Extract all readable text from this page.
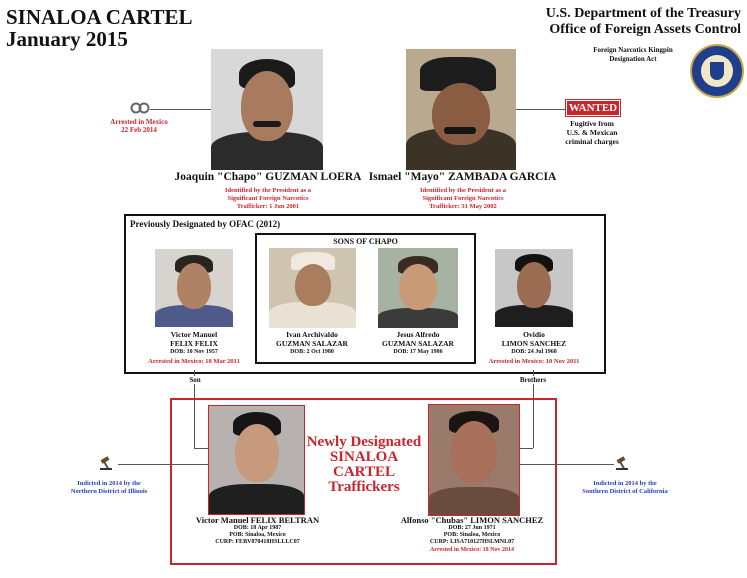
SINALOA CARTEL
January 2015
U.S. Department of the Treasury
Office of Foreign Assets Control
Foreign Narcotics Kingpin
Designation Act
Joaquin "Chapo" GUZMAN LOERA
Identified by the President as a
Significant Foreign Narcotics
Trafficker: 1 Jun 2001
Ismael "Mayo" ZAMBADA GARCIA
Identified by the President as a
Significant Foreign Narcotics
Trafficker: 31 May 2002
Arrested in Mexico
22 Feb 2014
WANTED
Fugitive from
U.S. & Mexican
criminal charges
Previously Designated by OFAC (2012)
SONS OF CHAPO
Victor Manuel
FELIX FELIX
DOB: 10 Nov 1957
Arrested in Mexico: 18 Mar 2011
Ivan Archivaldo
GUZMAN SALAZAR
DOB: 2 Oct 1980
Jesus Alfredo
GUZMAN SALAZAR
DOB: 17 May 1986
Ovidio
LIMON SANCHEZ
DOB: 24 Jul 1968
Arrested in Mexico: 10 Nov 2011
Son	Brothers
Newly Designated
SINALOA CARTEL
Traffickers
Victor Manuel FELIX BELTRAN
DOB: 18 Apr 1987
POB: Sinaloa, Mexico
CURP: FEBV870418HSLLLC07
Alfonso "Chubas" LIMON SANCHEZ
DOB: 27 Jun 1971
POB: Sinaloa, Mexico
CURP: LISA710127HSLMNL07
Arrested in Mexico: 18 Nov 2014
Indicted in 2014 by the
Northern District of Illinois
Indicted in 2014 by the
Southern District of California
